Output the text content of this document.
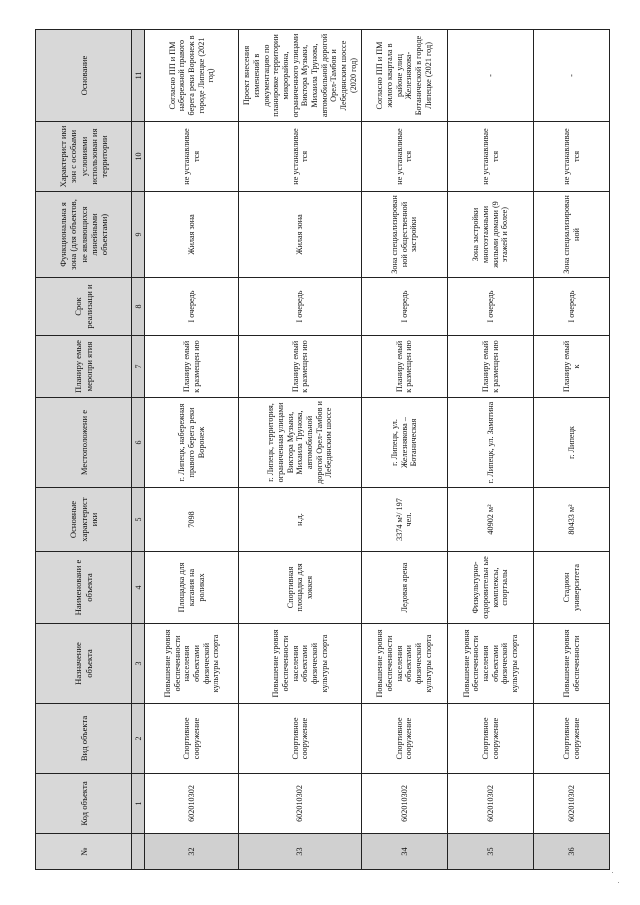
№	Код объекта	Вид объекта	Назначение объекта	Наименовани е объекта	Основные характерист ики	Местоположени е	Планиру емые меропри ятия	Срок реализаци и	Функциональна я зона (для объектов, не являющихся линейными объектами)	Характерист ики зон с особыми условиями использован ия территории	Основание
	1	2	3	4	5	6	7	8	9	10	11
32	602010302	Спортивное сооружение	Повышение уровня обеспеченности населения объектами физической культуры спорта	Площадка для катания на роликах	7098	г. Липецк, набережная правого берега реки Воронеж	Планиру емый к размещен ию	I очередь	Жилая зона	не устанавливае тся	Согласно ПП и ПМ набережной правого берега реки Воронеж в городе Липецке (2021 год)
33	602010302	Спортивное сооружение	Повышение уровня обеспеченности населения объектами физической культуры спорта	Спортивная площадка для хоккея	н.д.	г. Липецк, территория, ограниченная улицами Виктора Музыки, Михаила Трунова, автомобильной дорогой Орел-Тамбов и Лебедянским шоссе	Планиру емый к размещен ию	I очередь	Жилая зона	не устанавливае тся	Проект внесения изменений в документацию по планировке территории микрорайона, ограниченного улицами Виктора Музыки, Михаила Трунова, автомобильной дорогой Орел-Тамбов и Лебедянским шоссе (2020 год)
34	602010302	Спортивное сооружение	Повышение уровня обеспеченности населения объектами физической культуры спорта	Ледовая арена	3374 м²/ 197 чел.	г. Липецк, ул. Железнякова – Ботаническая	Планиру емый к размещен ию	I очередь	Зона специализирован ной общественной застройки	не устанавливае тся	Согласно ПП и ПМ жилого квартала в районе улиц Железнякова-Ботанической в городе Липецке (2021 год)
35	602010302	Спортивное сооружение	Повышение уровня обеспеченности населения объектами физической культуры спорта	Физкультурно-оздоровительн ые комплексы, спортзалы	40902 м²	г. Липецк, ул. Замятина	Планиру емый к размещен ию	I очередь	Зона застройки многоэтажными жилыми домами (9 этажей и более)	не устанавливае тся	-
36	602010302	Спортивное сооружение	Повышение уровня обеспеченности	Стадион университета	80433 м²	г. Липецк	Планиру емый к	I очередь	Зона специализирован ной	не устанавливае тся	-
